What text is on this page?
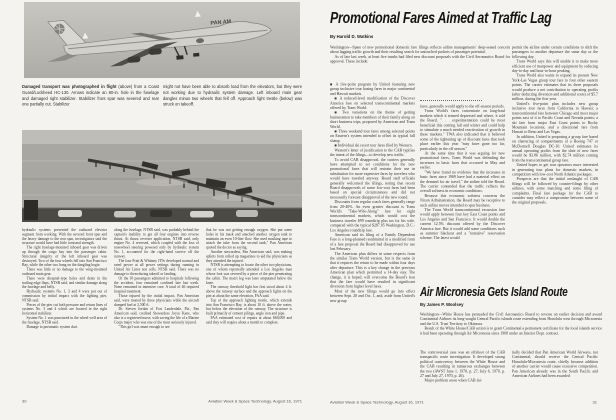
PAN AM
Damaged transport was photographed in flight (above) from a Coast Guard/Lockheed HC-130. Arrows indicate an 80-in. hole in the fuselage and damaged right stabilizer. Stabilizer front spar was severed and rear one partially cut. Stabilizer
might not have been able to absorb load from the elevators, but they were not working due to hydraulic system damage. Left inboard main gear dangles minus two wheels that fell off. Approach light trestle (below) was struck on takeoff.

hydraulic systems prevented the outboard elevator segment from working. With the severed front spar and the heavy damage to the rear spar, investigators said the structure would have had little torsional strength.

The right fuselage-mounted inboard gear was driven up through the cargo bay into the passenger cabin. Structural integrity of the left inboard gear was destroyed. Two of the four wheels fell into San Francisco Bay, while the other two hung on the dangling bogie.

There was little or no damage to the wing-mounted outboard main gear.

There were shrapnel-type holes and dents in the trailing edge flaps, NTSB said, and similar damage along the fuselage and belly.

Hydraulic systems No. 1, 3 and 4 were put out of commission by initial impact with the lighting pier, NTSB said.

Pieces of the pier cut both pressure and return lines of systems No. 3 and 4 which are located in the right horizontal stabilizer.

System No. 1 was punctured in the wheel well area of the fuselage, NTSB said.

Damage to pneumatic system duct

along the fuselage, NTSB said, was probably behind the captain's inability to get all four engines into reverse thrust. At thrust reverser application, NTSB said, only engine No. 4 reversed, which coupled with the loss of nosewheel steering powered only by hydraulic system No. 1, accounted for the right-hand swerve off the runway.

The four Pratt & Whitney JT9s developed normal and rated power at all power settings during running in United Air Lines test cells, NTSB said. There was no damage to them during takeoff or landing.

Of the 10 passengers admitted to hospitals following the accident, four remained confined late last week. None remained in intensive care. A total of 46 required hospital treatment.

Those injured by the initial impact, Pan American said, were treated by three physicians while the aircraft dumped fuel at 2,500 ft.

Dr. Steven Jordan of Fort Lauderdale, Fla., Pan American said, credited Stewardess Joyce Kane, who also is a registered nurse, with saving the life of a Marine Corps major who was one of the most seriously injured.

"This girl was smart enough to see

that he was not getting enough oxygen. She put some holes in his mask and attached another oxygen tank to maintain an even 10-liter flow. She used masking tape to attach the tube from the second tank," Pan American quoted the doctor as saying.

Another stewardess, Pan American said, was making splints from rolled up magazines to aid the physicians as they attended the injured.

NTSB is attempting to locate the other two physicians, one of whom reportedly attended a Los Angeles man whose foot was severed by a piece of the pier penetrating the cabin. The man's leg was later amputated below the knee.

The runway threshold light bar first stood about 4 ft. above the runway surface and the approach lights on the pier at about the same elevation, FAA said.

Top of the approach lighting trestle, which extends into San Francisco Bay, is about 10 ft. above the water, but below the elevation of the runway. The structure is built primarily of cement pilings, angle iron and pipe.

FAA estimated cost of repairs at about $60,000 and said they will require about a month to complete.

30	Aviation Week & Space Technology, August 16, 1971
Promotional Fares Aimed at Traffic Lag
By Harold D. Watkins

Washington—Spate of new promotional domestic fare filings reflects airline managements' deep-seated concern about lagging traffic growth and their resulting search for untouched pockets of passenger potential.

As of late last week, at least five trunks had filed new discount proposals with the Civil Aeronautics Board for approval. These include:

■ A five-point program by United featuring new group inclusive tour basing fares in major continental and Hawaii markets.

■ A reduced-level modification of the Discover America fare on selected transcontinental markets offered by Trans World.

■ Two variations on the theme of getting businessmen to take members of their family along on short business trips, proposed by American and Trans World.

■ Three weekend tour fares among selected points on Eastern's system intended to offset its typical fall slump.

■ Individual ski resort tour fares filed by Western.

Western's letter of justification to the CAB typifies the intent of the filings—to develop new traffic.

To avoid CAB disapproval, the carriers generally have attempted to set conditions for the new promotional fares that will restrain their use in substitution for more expensive fares by travelers who would have traveled anyway. Board staff officials generally welcomed the filings, noting that recent Board disapprovals of some low-cost fares had been based on special circumstances and did not necessarily forecast disapproval of the new round.

Discounts from regular coach fares generally range from 20-40%. An even greater discount is Trans World's "Take-Wife-Along" fare for eight transcontinental markets, which would cost the business traveler $99 roundtrip plus tax for his wife, compared with the typical $287.05 Washington, D.C.-Los Angeles roundtrip fare.

American said its filing of a Family Dependent Fare is a long-planned resubmittal in a modified form of a fare proposal the Board had disapproved for use last February.

The American plan differs in some respects from the similar Trans World version, but is the same in that it requires the return to be made within four days after departure. This is a key change in the previous American plan which permitted a 14-day stay. The change, it is hoped, will overcome the Board's fear that the fare would have resulted in significant diversion from higher level fares.

Most of the new filings would go into effect between Sept. 20 and Oct. 1, and, aside from United's new group

fares, generally would apply to the off-season periods.

Trans World's fares concentrate on long-haul markets which it termed depressed and where, it told the Board, ". . . experimentation could be most beneficial this coming fall and winter and could help to stimulate a much needed reactivation of growth in these markets." TWA also indicated that it believed some of the tightening up of discount fares that took place earlier this year "may have gone too far, particularly in the off season."

At the same time that it was arguing for new promotional fares, Trans World was defending the increases in basic fares that occurred in May and earlier.

"We have found no evidence that the increases in basic fares since 1969 have had a material effect on the demand for air travel," the airline told the Board. The carrier contended that the traffic reflects the overall softness in economic conditions.

Because this economic softness concerns the Nixon Administration, the Board may be receptive to such airline moves intended to spur business.

The Trans World transcontinental excursion fare would apply between four key East Coast points and Los Angeles and San Francisco. It would double the current 12.5% discount offered by the Discover America fare. But it would add some conditions such as summer blackout and a "tentative" reservation scheme. The latest would

permit the airline under certain conditions to shift the passengers to another departure the same day or the following day.

Trans World says this will enable it to make more efficient use of manpower and equipment by reducing day-to-day and hour-to-hour peaking.

Trans World also wants to expand its present New York-Las Vegas group tour fare to four other eastern points. The carrier estimates that its three proposals would produce a net contribution to operating profits (after deducting diversion and additional costs) of $5.7 million, during the first year.

United's five-point plan includes new group inclusive tour fares from California to Hawaii; a transcontinental fare between Chicago and most major points east of it to Pacific Coast and Nevada points; a ski fare from major East Coast points to Rocky Mountain locations; and a directional fare from Hawaii to Reno and Las Vegas.

In addition, United is proposing a group fare based on chartering of compartments of a Boeing 747 or McDonnell Douglas DC-10. United estimates its annual operating profits from the slate of new fares would be $3.86 million, with $2.74 million coming from the transcontinental group fare.

United hopes to get tour operators more interested in generating tour plans for domestic markets, in competition with low-cost North Atlantic packages.

Prospects are that the initial onslaught of CAB filings will be followed by counter-filings by other airlines, with some matching and some filing of complaints. Final fare package for the CAB to consider may reflect a compromise between some of the original proposals.

Air Micronesia Gets Island Route
By James P. Woolsey

Washington—White House has persuaded the Civil Aeronautics Board to reverse an earlier decision and award Continental Airlines its long-sought Central Pacific islands route extending from Honolulu west through Micronesia and the U.S. Trust Territory to Okinawa.

Result of the White House/CAB action is to grant Continental a permanent certificate for the local islands service it had been operating through Air Micronesia since 1968 under an Interior Dept. contract.

The controversial case was an offshoot of the CAB transpacific route investigation. It developed strong political controversy between the White House and the CAB resulting in numerous exchanges between the two (AWST June 1, 1970, p. 27; July 6, 1970, p. 27 and July 27, 1970, p. 26).

Major problem arose when CAB ini-

tially decided that Pan American World Airways, not Continental, should receive the Central Pacific Honolulu-Micronesia route, chiefly because addition of another carrier would cause excessive competition. Pan American already was in the South Pacific and American Airlines had been awarded

Aviation Week & Space Technology, August 16, 1971	31
